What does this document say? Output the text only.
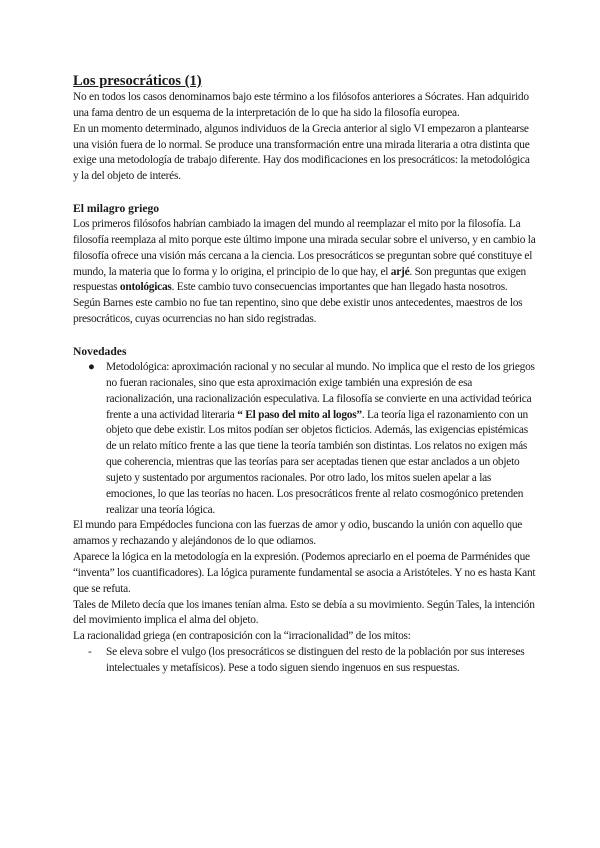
Los presocráticos (1)

No en todos los casos denominamos bajo este término a los filósofos anteriores a Sócrates. Han adquirido una fama dentro de un esquema de la interpretación de lo que ha sido la filosofía europea.

En un momento determinado, algunos individuos de la Grecia anterior al siglo VI empezaron a plantearse una visión fuera de lo normal. Se produce una transformación entre una mirada literaria a otra distinta que exige una metodología de trabajo diferente. Hay dos modificaciones en los presocráticos: la metodológica y la del objeto de interés.

El milagro griego

Los primeros filósofos habrían cambiado la imagen del mundo al reemplazar el mito por la filosofía. La filosofía reemplaza al mito porque este último impone una mirada secular sobre el universo, y en cambio la filosofía ofrece una visión más cercana a la ciencia. Los presocráticos se preguntan sobre qué constituye el mundo, la materia que lo forma y lo origina, el principio de lo que hay, el arjé. Son preguntas que exigen respuestas ontológicas. Este cambio tuvo consecuencias importantes que han llegado hasta nosotros. Según Barnes este cambio no fue tan repentino, sino que debe existir unos antecedentes, maestros de los presocráticos, cuyas ocurrencias no han sido registradas.

Novedades
● Metodológica: aproximación racional y no secular al mundo. No implica que el resto de los griegos no fueran racionales, sino que esta aproximación exige también una expresión de esa racionalización, una racionalización especulativa. La filosofía se convierte en una actividad teórica frente a una actividad literaria “ El paso del mito al logos”. La teoría liga el razonamiento con un objeto que debe existir. Los mitos podían ser objetos ficticios. Además, las exigencias epistémicas de un relato mítico frente a las que tiene la teoría también son distintas. Los relatos no exigen más que coherencia, mientras que las teorías para ser aceptadas tienen que estar anclados a un objeto sujeto y sustentado por argumentos racionales. Por otro lado, los mitos suelen apelar a las emociones, lo que las teorías no hacen. Los presocráticos frente al relato cosmogónico pretenden realizar una teoría lógica.

El mundo para Empédocles funciona con las fuerzas de amor y odio, buscando la unión con aquello que amamos y rechazando y alejándonos de lo que odiamos.

Aparece la lógica en la metodología en la expresión. (Podemos apreciarlo en el poema de Parménides que “inventa” los cuantificadores). La lógica puramente fundamental se asocia a Aristóteles. Y no es hasta Kant que se refuta.

Tales de Mileto decía que los imanes tenían alma. Esto se debía a su movimiento. Según Tales, la intención del movimiento implica el alma del objeto.

La racionalidad griega (en contraposición con la “irracionalidad” de los mitos:

- Se eleva sobre el vulgo (los presocráticos se distinguen del resto de la población por sus intereses intelectuales y metafísicos). Pese a todo siguen siendo ingenuos en sus respuestas.
